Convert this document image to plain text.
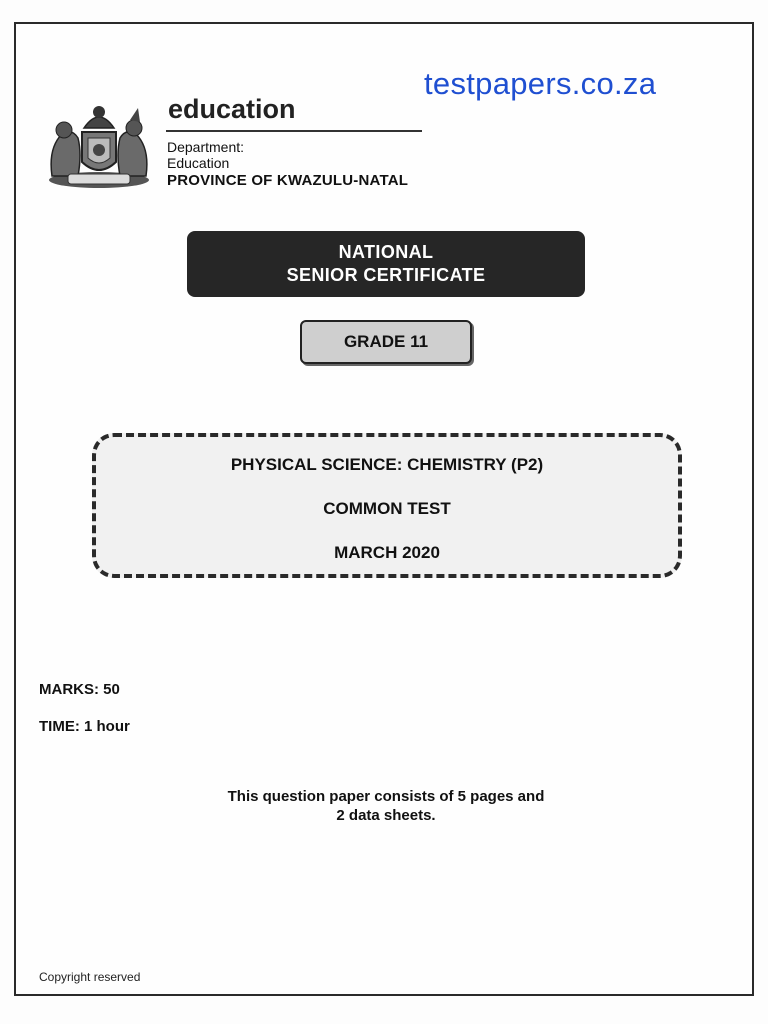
testpapers.co.za
education
Department:
Education
PROVINCE OF KWAZULU-NATAL
NATIONAL
SENIOR CERTIFICATE
GRADE 11
PHYSICAL SCIENCE: CHEMISTRY (P2)
COMMON TEST
MARCH 2020
MARKS: 50
TIME: 1 hour
This question paper consists of 5 pages and
2 data sheets.
Copyright reserved
